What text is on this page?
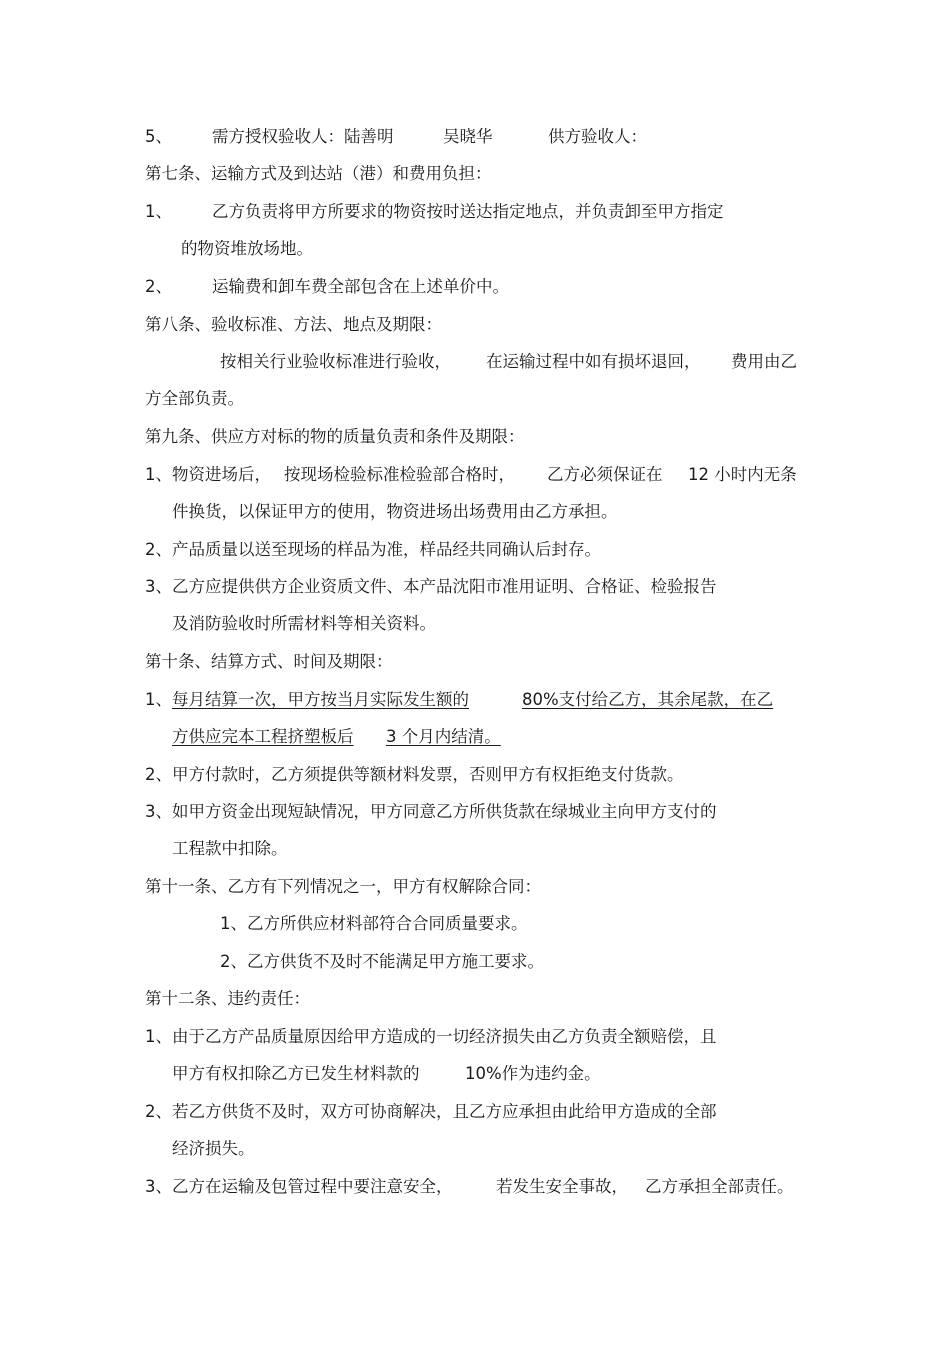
5、 需方授权验收人：陆善明	吴晓华	供方验收人：
第七条、运输方式及到达站（港）和费用负担：
1、 乙方负责将甲方所要求的物资按时送达指定地点，并负责卸至甲方指定
的物资堆放场地。
2、 运输费和卸车费全部包含在上述单价中。
第八条、验收标准、方法、地点及期限：
按相关行业验收标准进行验收， 在运输过程中如有损坏退回， 费用由乙
方全部负责。
第九条、供应方对标的物的质量负责和条件及期限：
1、物资进场后， 按现场检验标准检验部合格时， 乙方必须保证在 12 小时内无条
件换货，以保证甲方的使用，物资进场出场费用由乙方承担。
2、产品质量以送至现场的样品为准，样品经共同确认后封存。
3、乙方应提供供方企业资质文件、本产品沈阳市准用证明、合格证、检验报告
及消防验收时所需材料等相关资料。
第十条、结算方式、时间及期限：
1、 每月结算一次，甲方按当月实际发生额的	80%支付给乙方，其余尾款，在乙
方供应完本工程挤塑板后 3 个月内结清。
2、甲方付款时，乙方须提供等额材料发票，否则甲方有权拒绝支付货款。
3、如甲方资金出现短缺情况，甲方同意乙方所供货款在绿城业主向甲方支付的
工程款中扣除。
第十一条、乙方有下列情况之一，甲方有权解除合同：
1、乙方所供应材料部符合合同质量要求。
2、乙方供货不及时不能满足甲方施工要求。
第十二条、违约责任：
1、由于乙方产品质量原因给甲方造成的一切经济损失由乙方负责全额赔偿，且
甲方有权扣除乙方已发生材料款的	10%作为违约金。
2、若乙方供货不及时，双方可协商解决，且乙方应承担由此给甲方造成的全部
经济损失。
3、乙方在运输及包管过程中要注意安全，	若发生安全事故， 乙方承担全部责任。
